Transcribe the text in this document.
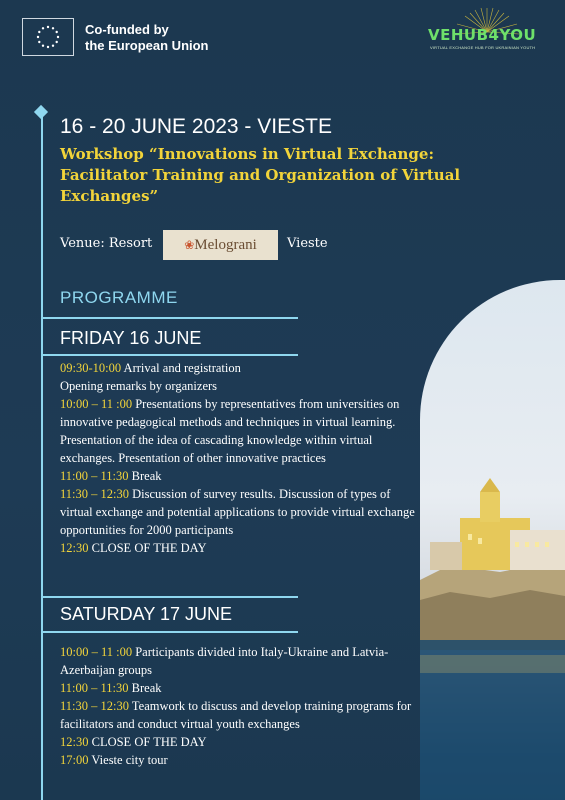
Co-funded by
the European Union
VEHUB4YOU
VIRTUAL EXCHANGE HUB FOR UKRAINIAN YOUTH
16 - 20 JUNE 2023 - VIESTE
Workshop “Innovations in Virtual Exchange: Facilitator Training and Organization of Virtual Exchanges”
Venue: Resort	❀Melograni	Vieste
PROGRAMME
FRIDAY 16 JUNE

09:30-10:00 Arrival and registration

Opening remarks by organizers

10:00 – 11 :00 Presentations by representatives from universities on innovative pedagogical methods and techniques in virtual learning. Presentation of the idea of cascading knowledge within virtual exchanges. Presentation of other innovative practices

11:00 – 11:30 Break

11:30 – 12:30 Discussion of survey results. Discussion of types of virtual exchange and potential applications to provide virtual exchange opportunities for 2000 participants

12:30 CLOSE OF THE DAY

SATURDAY 17 JUNE

10:00 – 11 :00 Participants divided into Italy-Ukraine and Latvia-Azerbaijan groups

11:00 – 11:30 Break

11:30 – 12:30 Teamwork to discuss and develop training programs for facilitators and conduct virtual youth exchanges

12:30 CLOSE OF THE DAY

17:00 Vieste city tour
